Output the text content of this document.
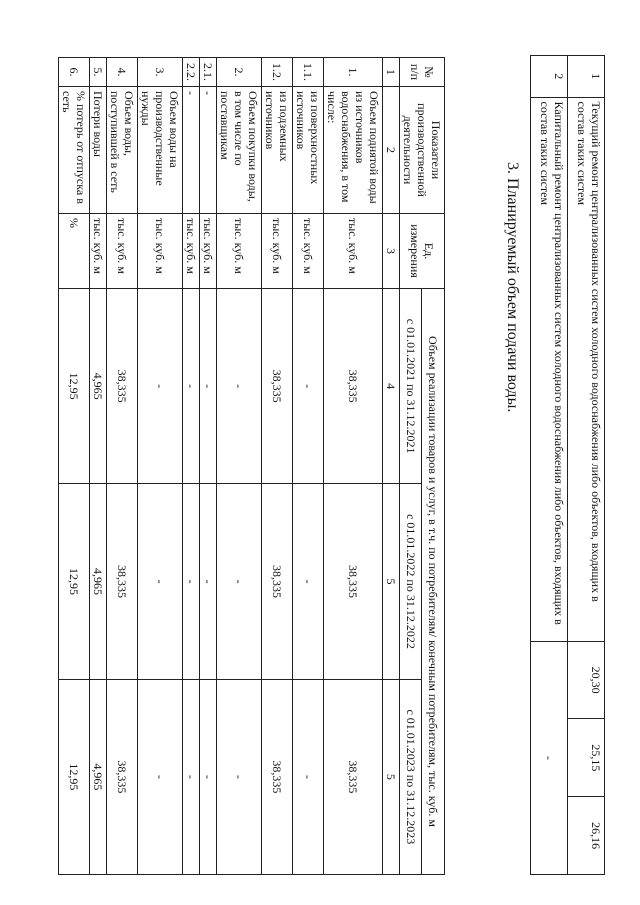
1	Текущий ремонт централизованных систем холодного водоснабжения либо объектов, входящих в состав таких систем	20,30	25,15	26,16
2	Капитальный ремонт централизованных систем холодного водоснабжения либо объектов, входящих в состав таких систем	-		
3. Планируемый объем подачи воды.
№ п/п	Показатели производственной деятельности	Ед. измерения	Объем реализации товаров и услуг, в т.ч. по потребителям/ конечным потребителям, тыс. куб. м		
			с 01.01.2021 по 31.12.2021	с 01.01.2022 по 31.12.2022	с 01.01.2023 по 31.12.2023
1	2	3	4	5	5
1.	Объем поднятой воды из источников водоснабжения, в том числе:	тыс. куб. м	38,335	38,335	38,335
1.1.	из поверхностных источников	тыс. куб. м	-	-	-
1.2.	из подземных источников	тыс. куб. м	38,335	38,335	38,335
2.	Объем покупки воды, в том числе по поставщикам	тыс. куб. м	-	-	-
2.1.	-	тыс. куб. м	-	-	-
2.2.	-	тыс. куб. м	-	-	-
3.	Объем воды на производственные нужды	тыс. куб. м	-	-	-
4.	Объем воды, поступившей в сеть	тыс. куб. м	38,335	38,335	38,335
5.	Потери воды	тыс. куб. м	4,965	4,965	4,965
6.	% потерь от отпуска в сеть	%	12,95	12,95	12,95
